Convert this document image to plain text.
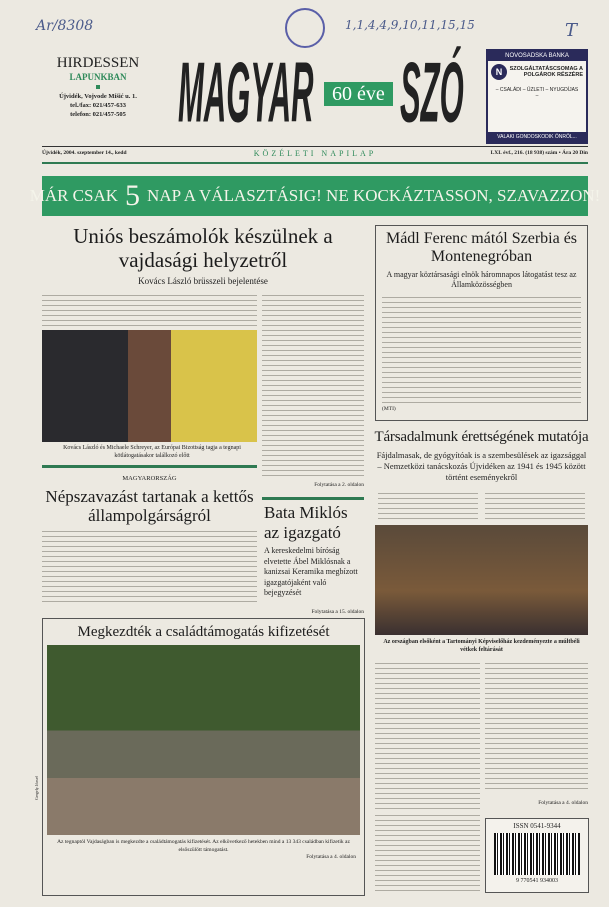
Ar/8308	1,1,4,4,9,10,11,15,15	T
HIRDESSEN
LAPUNKBAN
Újvidék, Vojvode Mišić u. 1.
tel./fax: 021/457-633
telefon: 021/457-505	MAGYAR 60 éve SZÓ	NOVOSADSKA BANKA
N	SZOLGÁLTATÁSCSOMAG A POLGÁROK RÉSZÉRE
– CSALÁDI – ÜZLETI – NYUGDÍJAS –
VALAKI GONDOSKODIK ÖNRŐL...
Újvidék, 2004. szeptember 14., kedd	KÖZÉLETI NAPILAP	LXI. évf., 216. (18 938) szám • Ára 20 Din
MÁR CSAK 5 NAP A VÁLASZTÁSIG! NE KOCKÁZTASSON, SZAVAZZON!
Uniós beszámolók készülnek a vajdasági helyzetről
Kovács László brüsszeli bejelentése
Kovács László és Michaele Schreyer, az Európai Bizottság tagja a tegnapi kötlátogatásakor találkozó előtt
Folytatása a 2. oldalon
Mádl Ferenc mától Szerbia és Montenegróban
A magyar köztársasági elnök háromnapos látogatást tesz az Államközösségben
(MTI)
Társadalmunk érettségének mutatója
Fájdalmasak, de gyógyítóak is a szembesülések az igazsággal – Nemzetközi tanácskozás Újvidéken az 1941 és 1945 között történt eseményekről
Az országban elsőként a Tartományi Képviselőház kezdeményezte a múltbéli vétkek feltárását
Folytatása a 4. oldalon
MAGYARORSZÁG
Népszavazást tartanak a kettős állampolgárságról	Bata Miklós az igazgató
A kereskedelmi bíróság elvetette Ábel Miklósnak a kanizsai Keramika megbízott igazgatójaként való bejegyzését
Folytatása a 15. oldalon
Megkezdték a családtámogatás kifizetését
Az tegnaptól Vajdaságban is megkezdte a családtámogatás kifizetését. Az elkövetkező hetekben mind a 13 343 családban kifizetik az elsőszülött támogatást.
Folytatása a 4. oldalon
Gergely József
ISSN 0541-9344
9 770541 934003
